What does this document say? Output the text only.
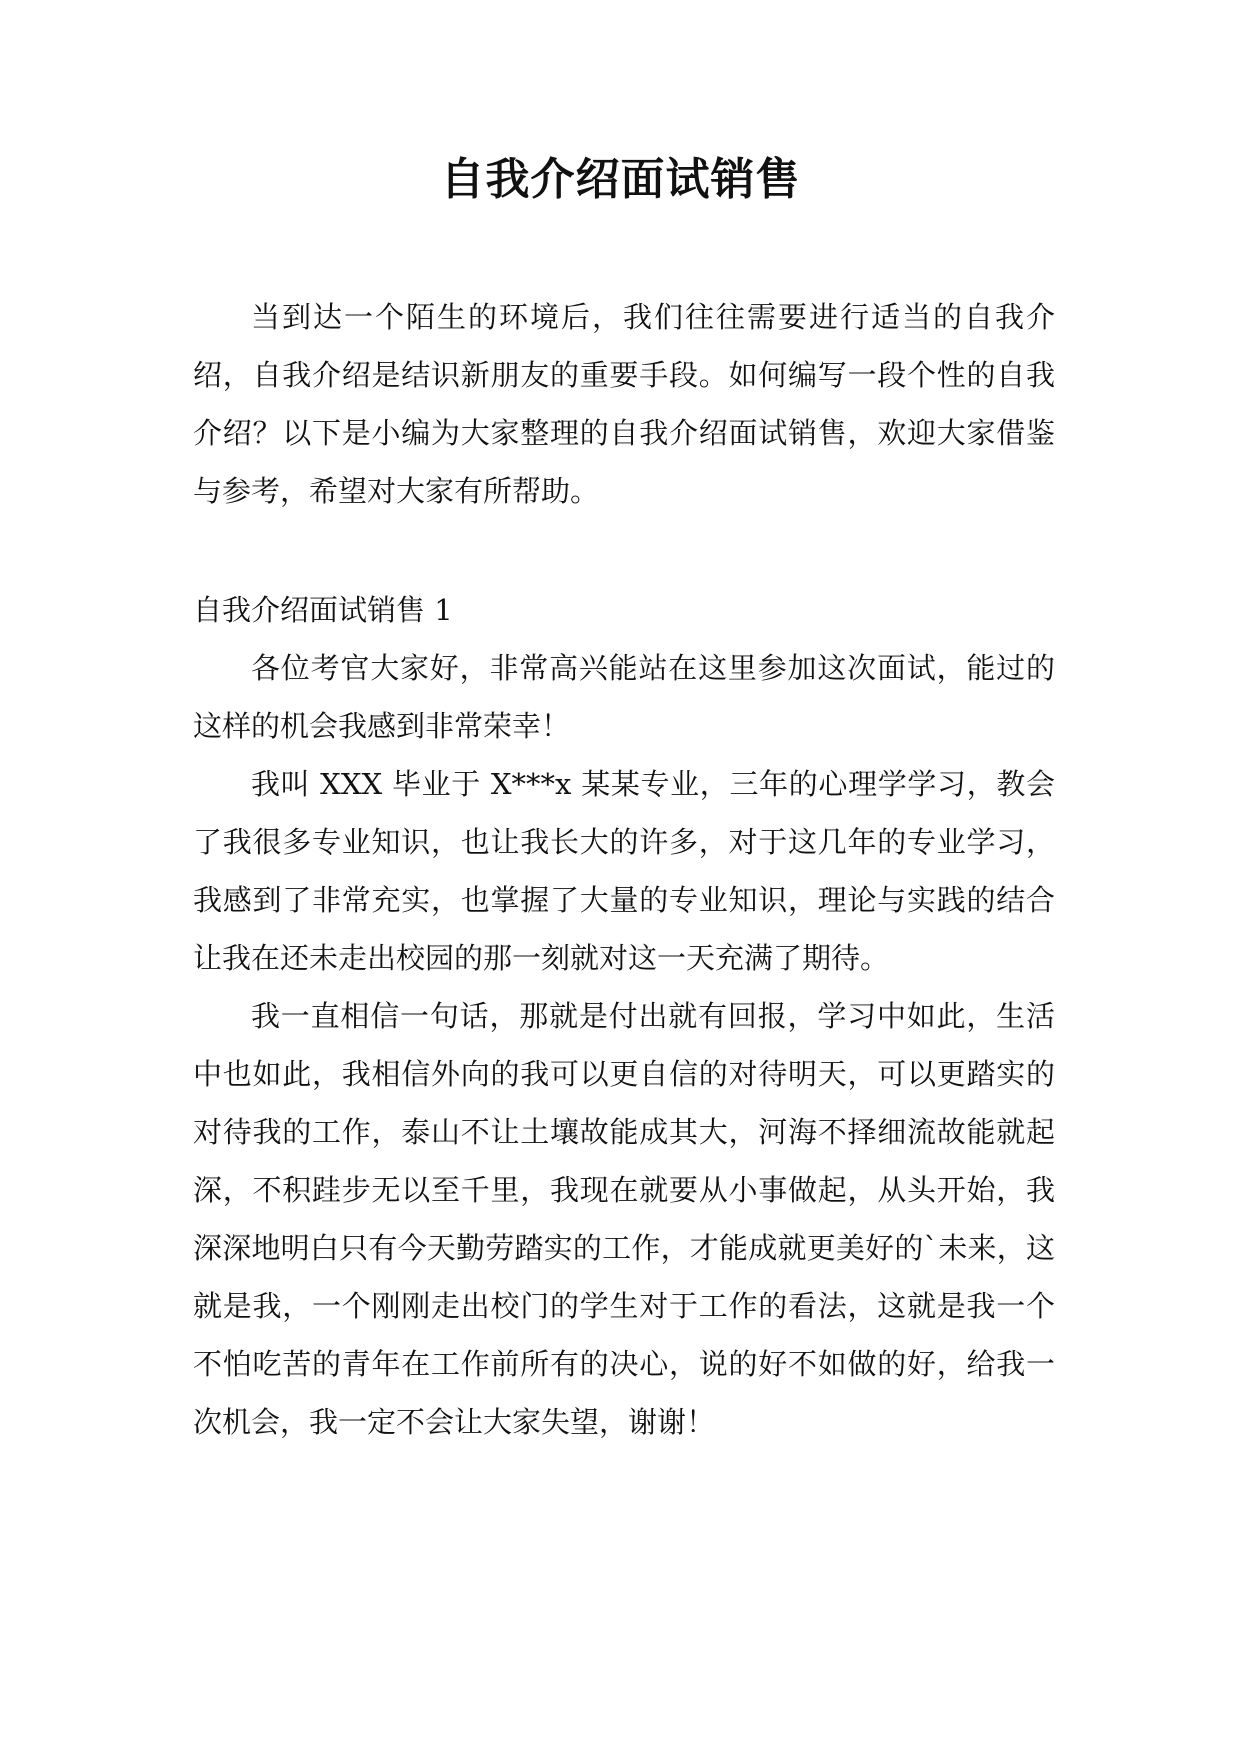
自我介绍面试销售

当到达一个陌生的环境后，我们往往需要进行适当的自我介绍，自我介绍是结识新朋友的重要手段。如何编写一段个性的自我介绍？以下是小编为大家整理的自我介绍面试销售，欢迎大家借鉴与参考，希望对大家有所帮助。

自我介绍面试销售 1

各位考官大家好，非常高兴能站在这里参加这次面试，能过的这样的机会我感到非常荣幸！

我叫 XXX 毕业于 X***x 某某专业，三年的心理学学习，教会了我很多专业知识，也让我长大的许多，对于这几年的专业学习，我感到了非常充实，也掌握了大量的专业知识，理论与实践的结合让我在还未走出校园的那一刻就对这一天充满了期待。

我一直相信一句话，那就是付出就有回报，学习中如此，生活中也如此，我相信外向的我可以更自信的对待明天，可以更踏实的对待我的工作，泰山不让土壤故能成其大，河海不择细流故能就起深，不积跬步无以至千里，我现在就要从小事做起，从头开始，我深深地明白只有今天勤劳踏实的工作，才能成就更美好的`未来，这就是我，一个刚刚走出校门的学生对于工作的看法，这就是我一个不怕吃苦的青年在工作前所有的决心，说的好不如做的好，给我一次机会，我一定不会让大家失望，谢谢！
